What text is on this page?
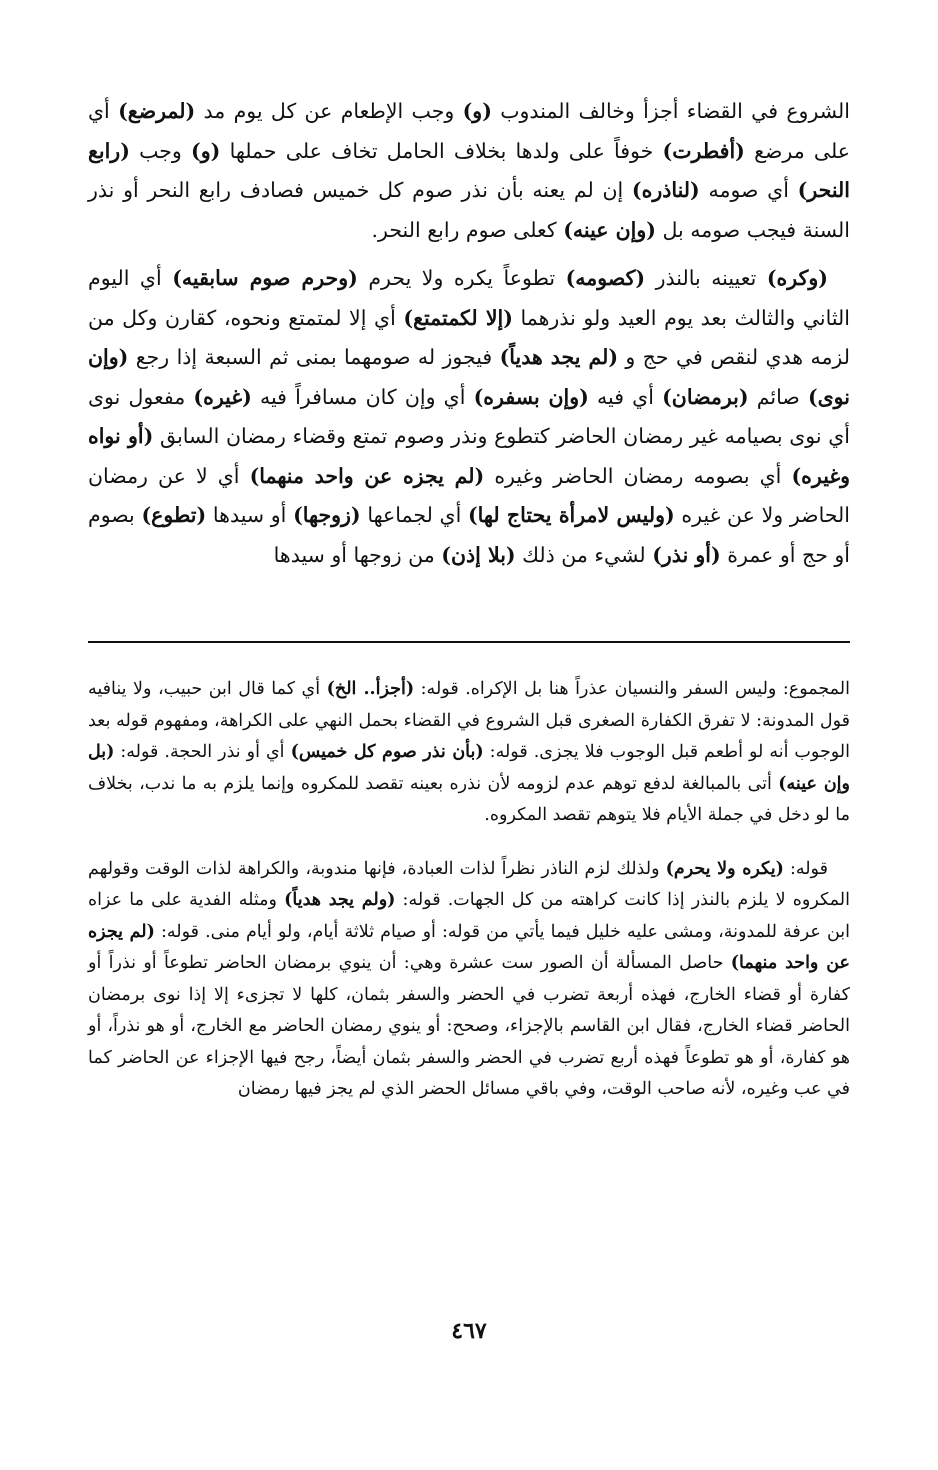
الشروع في القضاء أجزأ وخالف المندوب (و) وجب الإطعام عن كل يوم مد (لمرضع) أي على مرضع (أفطرت) خوفاً على ولدها بخلاف الحامل تخاف على حملها (و) وجب (رابع النحر) أي صومه (لناذره) إن لم يعنه بأن نذر صوم كل خميس فصادف رابع النحر أو نذر السنة فيجب صومه بل (وإن عينه) كعلى صوم رابع النحر.

(وكره) تعيينه بالنذر (كصومه) تطوعاً يكره ولا يحرم (وحرم صوم سابقيه) أي اليوم الثاني والثالث بعد يوم العيد ولو نذرهما (إلا لكمتمتع) أي إلا لمتمتع ونحوه، كقارن وكل من لزمه هدي لنقص في حج و (لم يجد هدياً) فيجوز له صومهما بمنى ثم السبعة إذا رجع (وإن نوى) صائم (برمضان) أي فيه (وإن بسفره) أي وإن كان مسافراً فيه (غيره) مفعول نوى أي نوى بصيامه غير رمضان الحاضر كتطوع ونذر وصوم تمتع وقضاء رمضان السابق (أو نواه وغيره) أي بصومه رمضان الحاضر وغيره (لم يجزه عن واحد منهما) أي لا عن رمضان الحاضر ولا عن غيره (وليس لامرأة يحتاج لها) أي لجماعها (زوجها) أو سيدها (تطوع) بصوم أو حج أو عمرة (أو نذر) لشيء من ذلك (بلا إذن) من زوجها أو سيدها

المجموع: وليس السفر والنسيان عذراً هنا بل الإكراه. قوله: (أجزأ.. الخ) أي كما قال ابن حبيب، ولا ينافيه قول المدونة: لا تفرق الكفارة الصغرى قبل الشروع في القضاء بحمل النهي على الكراهة، ومفهوم قوله بعد الوجوب أنه لو أطعم قبل الوجوب فلا يجزى. قوله: (بأن نذر صوم كل خميس) أي أو نذر الحجة. قوله: (بل وإن عينه) أتى بالمبالغة لدفع توهم عدم لزومه لأن نذره بعينه تقصد للمكروه وإنما يلزم به ما ندب، بخلاف ما لو دخل في جملة الأيام فلا يتوهم تقصد المكروه.

قوله: (يكره ولا يحرم) ولذلك لزم الناذر نظراً لذات العبادة، فإنها مندوبة، والكراهة لذات الوقت وقولهم المكروه لا يلزم بالنذر إذا كانت كراهته من كل الجهات. قوله: (ولم يجد هدياً) ومثله الفدية على ما عزاه ابن عرفة للمدونة، ومشى عليه خليل فيما يأتي من قوله: أو صيام ثلاثة أيام، ولو أيام منى. قوله: (لم يجزه عن واحد منهما) حاصل المسألة أن الصور ست عشرة وهي: أن ينوي برمضان الحاضر تطوعاً أو نذراً أو كفارة أو قضاء الخارج، فهذه أربعة تضرب في الحضر والسفر بثمان، كلها لا تجزىء إلا إذا نوى برمضان الحاضر قضاء الخارج، فقال ابن القاسم بالإجزاء، وصحح: أو ينوي رمضان الحاضر مع الخارج، أو هو نذراً، أو هو كفارة، أو هو تطوعاً فهذه أربع تضرب في الحضر والسفر بثمان أيضاً، رجح فيها الإجزاء عن الحاضر كما في عب وغيره، لأنه صاحب الوقت، وفي باقي مسائل الحضر الذي لم يجز فيها رمضان

٤٦٧
